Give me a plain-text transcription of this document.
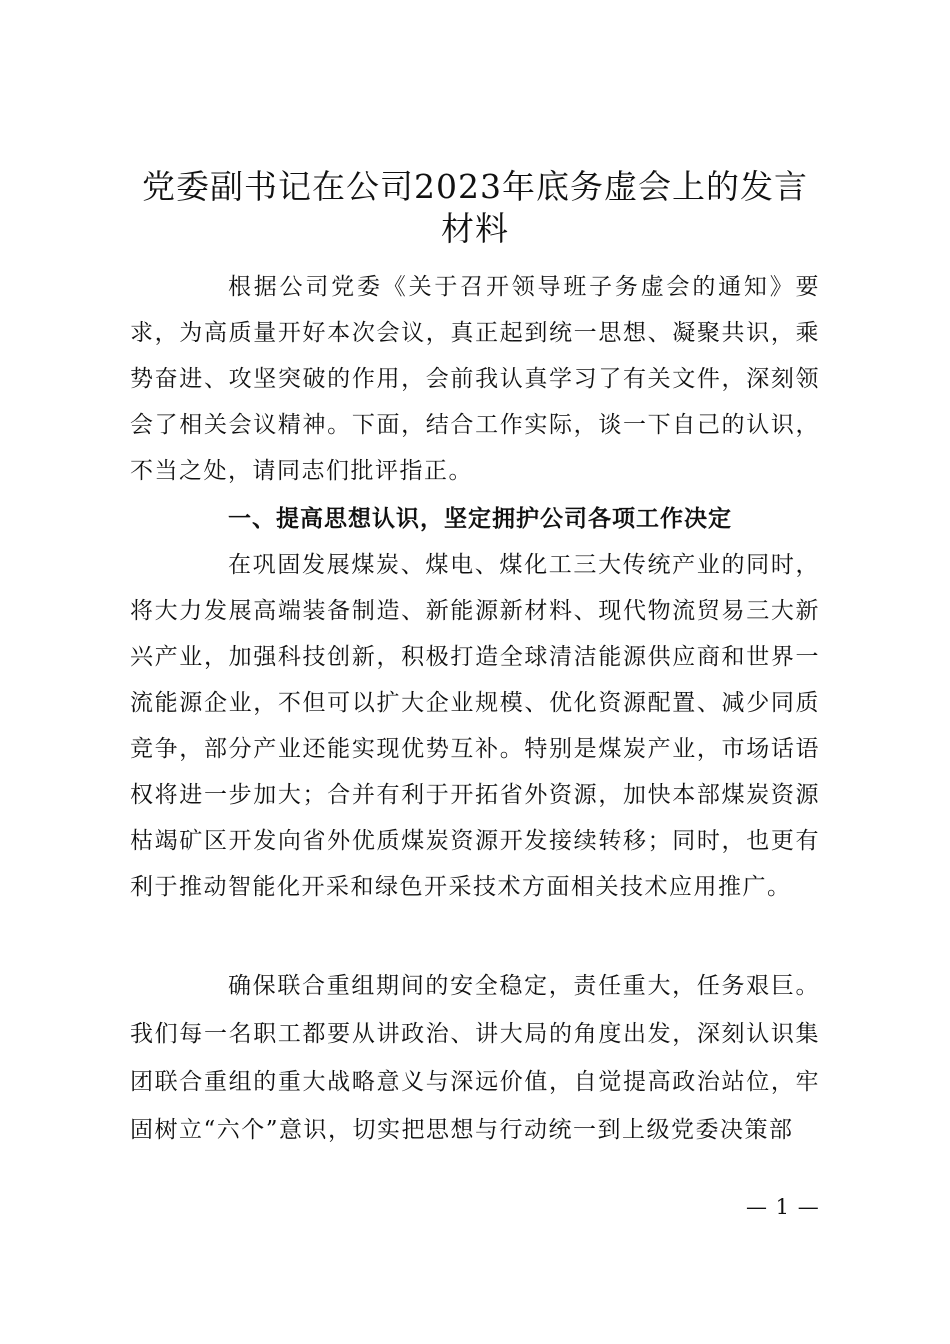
党委副书记在公司2023年底务虚会上的发言材料

根据公司党委《关于召开领导班子务虚会的通知》要求，为高质量开好本次会议，真正起到统一思想、凝聚共识，乘势奋进、攻坚突破的作用，会前我认真学习了有关文件，深刻领会了相关会议精神。下面，结合工作实际，谈一下自己的认识，不当之处，请同志们批评指正。

一、提高思想认识，坚定拥护公司各项工作决定

在巩固发展煤炭、煤电、煤化工三大传统产业的同时，将大力发展高端装备制造、新能源新材料、现代物流贸易三大新兴产业，加强科技创新，积极打造全球清洁能源供应商和世界一流能源企业，不但可以扩大企业规模、优化资源配置、减少同质竞争，部分产业还能实现优势互补。特别是煤炭产业，市场话语权将进一步加大；合并有利于开拓省外资源，加快本部煤炭资源枯竭矿区开发向省外优质煤炭资源开发接续转移；同时，也更有利于推动智能化开采和绿色开采技术方面相关技术应用推广。

确保联合重组期间的安全稳定，责任重大，任务艰巨。我们每一名职工都要从讲政治、讲大局的角度出发，深刻认识集团联合重组的重大战略意义与深远价值，自觉提高政治站位，牢固树立“六个”意识，切实把思想与行动统一到上级党委决策部

— 1 —
